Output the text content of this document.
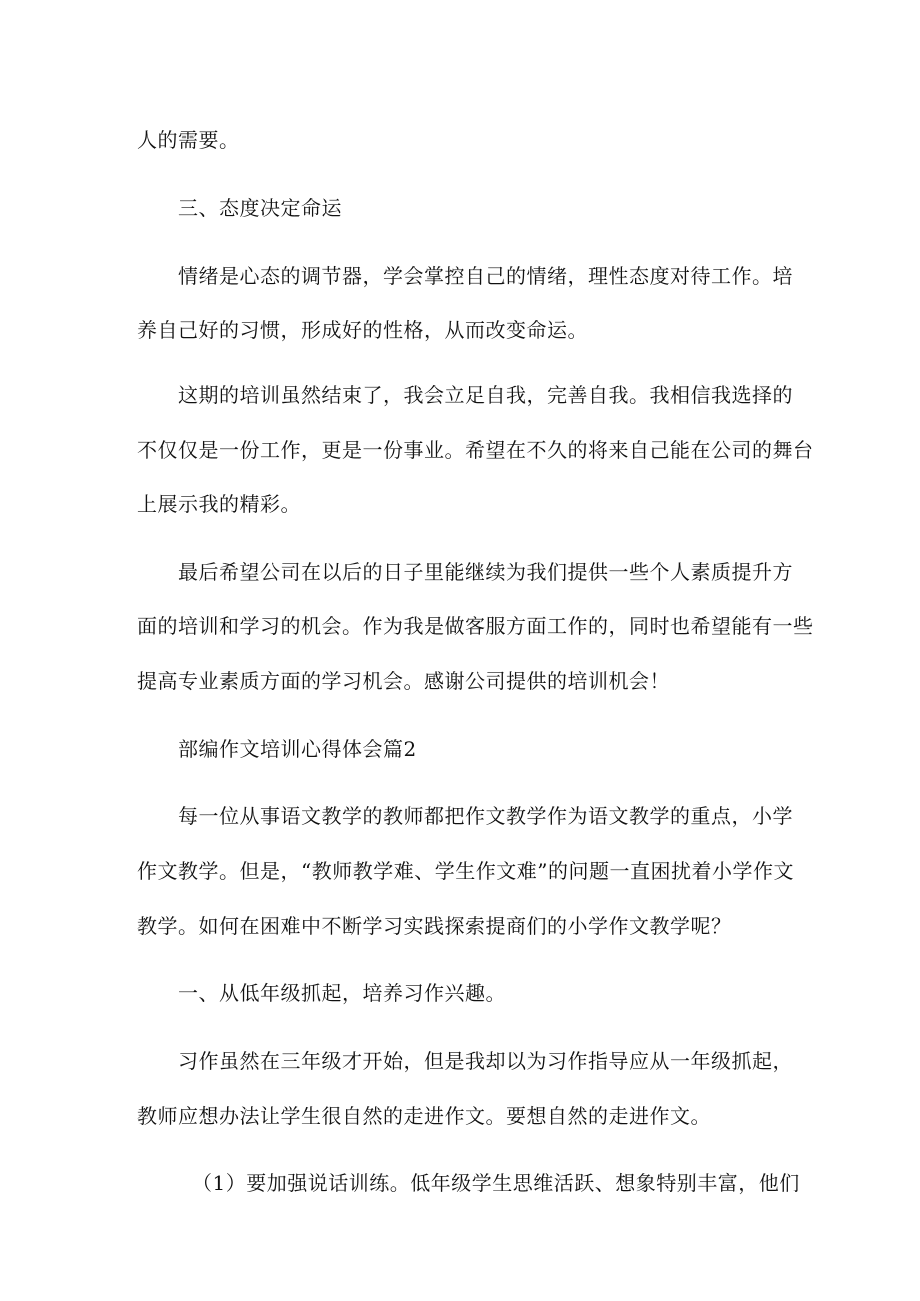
人的需要。
三、态度决定命运
情绪是心态的调节器，学会掌控自己的情绪，理性态度对待工作。培
养自己好的习惯，形成好的性格，从而改变命运。
这期的培训虽然结束了，我会立足自我，完善自我。我相信我选择的
不仅仅是一份工作，更是一份事业。希望在不久的将来自己能在公司的舞台
上展示我的精彩。
最后希望公司在以后的日子里能继续为我们提供一些个人素质提升方
面的培训和学习的机会。作为我是做客服方面工作的，同时也希望能有一些
提高专业素质方面的学习机会。感谢公司提供的培训机会！
部编作文培训心得体会篇2
每一位从事语文教学的教师都把作文教学作为语文教学的重点，小学
作文教学。但是，“教师教学难、学生作文难”的问题一直困扰着小学作文
教学。如何在困难中不断学习实践探索提商们的小学作文教学呢？
一、从低年级抓起，培养习作兴趣。
习作虽然在三年级才开始，但是我却以为习作指导应从一年级抓起，
教师应想办法让学生很自然的走进作文。要想自然的走进作文。
（1）要加强说话训练。低年级学生思维活跃、想象特别丰富，他们
